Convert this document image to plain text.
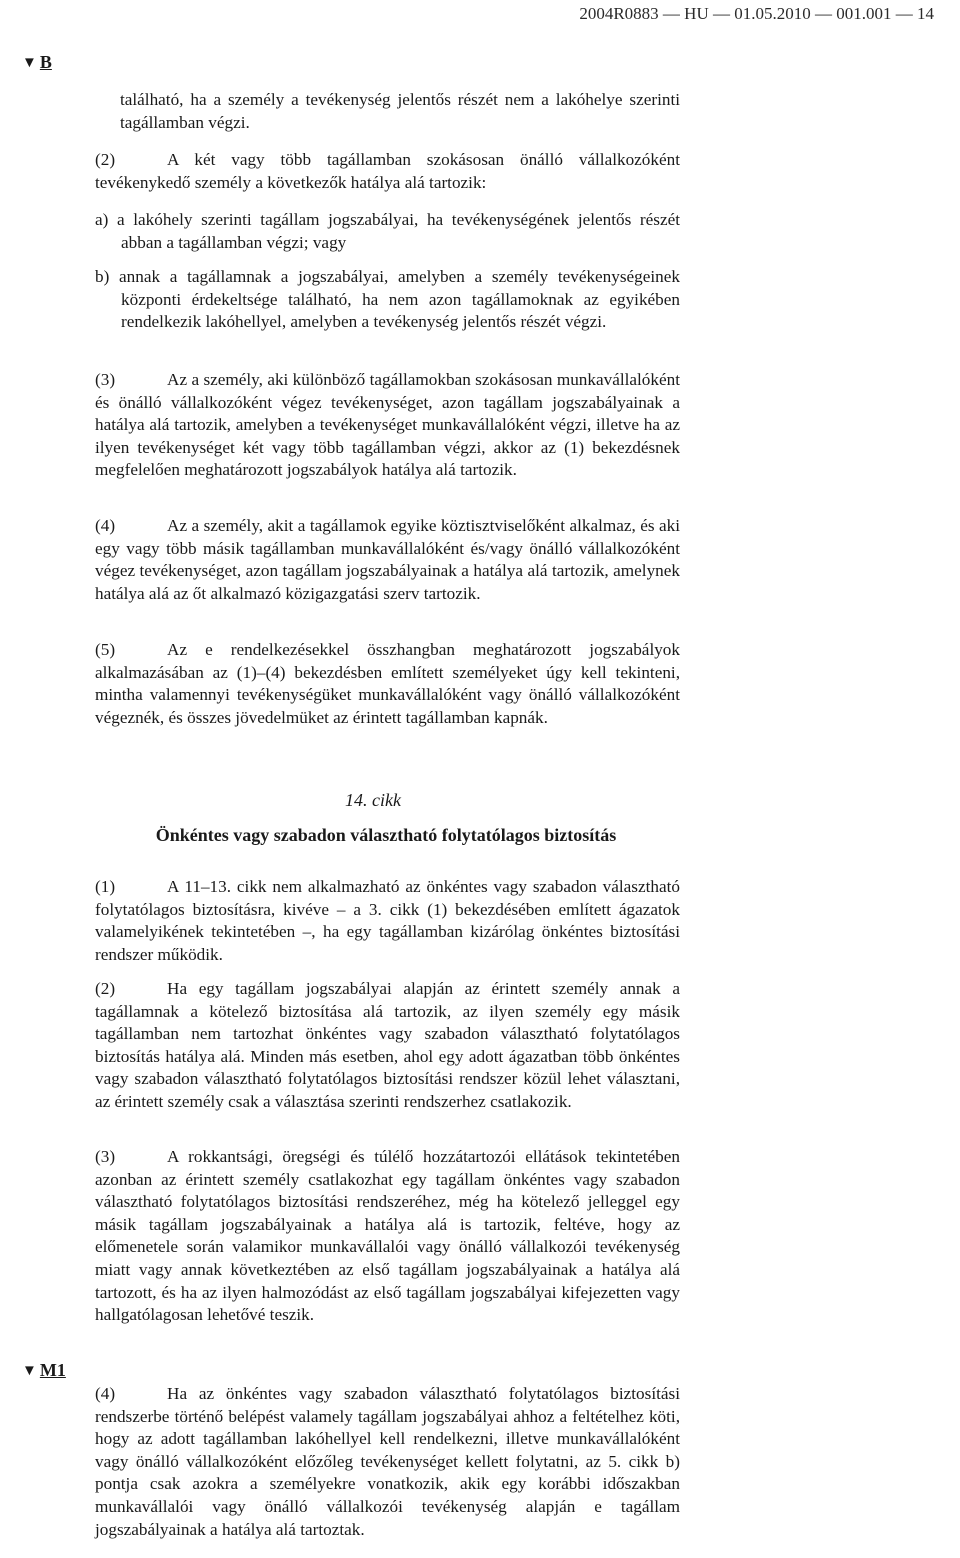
2004R0883 — HU — 01.05.2010 — 001.001 — 14
▼ B
található, ha a személy a tevékenység jelentős részét nem a lakóhelye szerinti tagállamban végzi.
(2)	A két vagy több tagállamban szokásosan önálló vállalkozóként tevékenykedő személy a következők hatálya alá tartozik:
a) a lakóhely szerinti tagállam jogszabályai, ha tevékenységének jelentős részét abban a tagállamban végzi; vagy
b) annak a tagállamnak a jogszabályai, amelyben a személy tevékenységeinek központi érdekeltsége található, ha nem azon tagállamoknak az egyikében rendelkezik lakóhellyel, amelyben a tevékenység jelentős részét végzi.
(3)	Az a személy, aki különböző tagállamokban szokásosan munkavállalóként és önálló vállalkozóként végez tevékenységet, azon tagállam jogszabályainak a hatálya alá tartozik, amelyben a tevékenységet munkavállalóként végzi, illetve ha az ilyen tevékenységet két vagy több tagállamban végzi, akkor az (1) bekezdésnek megfelelően meghatározott jogszabályok hatálya alá tartozik.
(4)	Az a személy, akit a tagállamok egyike köztisztviselőként alkalmaz, és aki egy vagy több másik tagállamban munkavállalóként és/vagy önálló vállalkozóként végez tevékenységet, azon tagállam jogszabályainak a hatálya alá tartozik, amelynek hatálya alá az őt alkalmazó közigazgatási szerv tartozik.
(5)	Az e rendelkezésekkel összhangban meghatározott jogszabályok alkalmazásában az (1)–(4) bekezdésben említett személyeket úgy kell tekinteni, mintha valamennyi tevékenységüket munkavállalóként vagy önálló vállalkozóként végeznék, és összes jövedelmüket az érintett tagállamban kapnák.
14. cikk
Önkéntes vagy szabadon választható folytatólagos biztosítás
(1)	A 11–13. cikk nem alkalmazható az önkéntes vagy szabadon választható folytatólagos biztosításra, kivéve – a 3. cikk (1) bekezdésében említett ágazatok valamelyikének tekintetében –, ha egy tagállamban kizárólag önkéntes biztosítási rendszer működik.
(2)	Ha egy tagállam jogszabályai alapján az érintett személy annak a tagállamnak a kötelező biztosítása alá tartozik, az ilyen személy egy másik tagállamban nem tartozhat önkéntes vagy szabadon választható folytatólagos biztosítás hatálya alá. Minden más esetben, ahol egy adott ágazatban több önkéntes vagy szabadon választható folytatólagos biztosítási rendszer közül lehet választani, az érintett személy csak a választása szerinti rendszerhez csatlakozik.
(3)	A rokkantsági, öregségi és túlélő hozzátartozói ellátások tekintetében azonban az érintett személy csatlakozhat egy tagállam önkéntes vagy szabadon választható folytatólagos biztosítási rendszeréhez, még ha kötelező jelleggel egy másik tagállam jogszabályainak a hatálya alá is tartozik, feltéve, hogy az előmenetele során valamikor munkavállalói vagy önálló vállalkozói tevékenység miatt vagy annak következtében az első tagállam jogszabályainak a hatálya alá tartozott, és ha az ilyen halmozódást az első tagállam jogszabályai kifejezetten vagy hallgatólagosan lehetővé teszik.
▼ M1
(4)	Ha az önkéntes vagy szabadon választható folytatólagos biztosítási rendszerbe történő belépést valamely tagállam jogszabályai ahhoz a feltételhez köti, hogy az adott tagállamban lakóhellyel kell rendelkezni, illetve munkavállalóként vagy önálló vállalkozóként előzőleg tevékenységet kellett folytatni, az 5. cikk b) pontja csak azokra a személyekre vonatkozik, akik egy korábbi időszakban munkavállalói vagy önálló vállalkozói tevékenység alapján e tagállam jogszabályainak a hatálya alá tartoztak.
